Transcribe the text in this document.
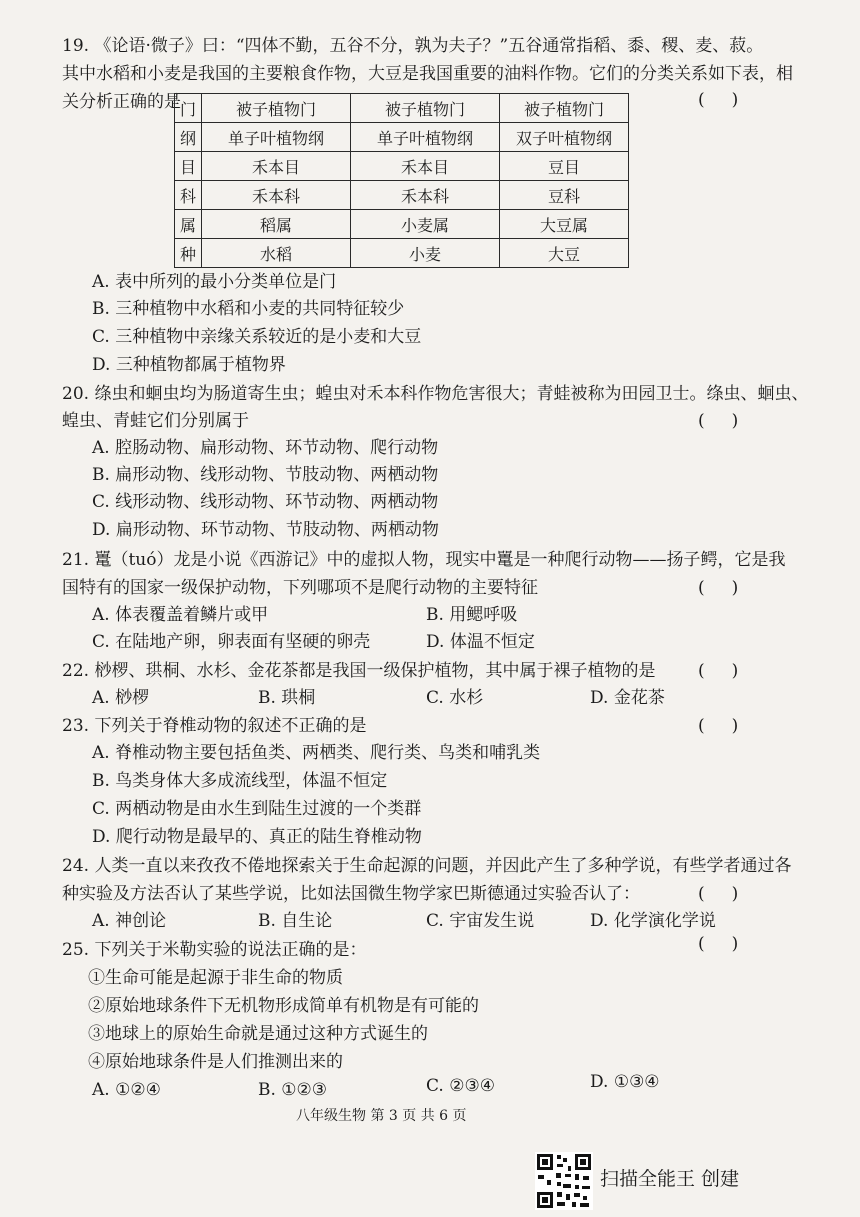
19. 《论语·微子》曰：“四体不勤，五谷不分，孰为夫子？”五谷通常指稻、黍、稷、麦、菽。
其中水稻和小麦是我国的主要粮食作物，大豆是我国重要的油料作物。它们的分类关系如下表，相
关分析正确的是	(     )
门	被子植物门	被子植物门	被子植物门
纲	单子叶植物纲	单子叶植物纲	双子叶植物纲
目	禾本目	禾本目	豆目
科	禾本科	禾本科	豆科
属	稻属	小麦属	大豆属
种	水稻	小麦	大豆
A. 表中所列的最小分类单位是门
B. 三种植物中水稻和小麦的共同特征较少
C. 三种植物中亲缘关系较近的是小麦和大豆
D. 三种植物都属于植物界
20. 绦虫和蛔虫均为肠道寄生虫；蝗虫对禾本科作物危害很大；青蛙被称为田园卫士。绦虫、蛔虫、
蝗虫、青蛙它们分别属于	(     )
A. 腔肠动物、扁形动物、环节动物、爬行动物
B. 扁形动物、线形动物、节肢动物、两栖动物
C. 线形动物、线形动物、环节动物、两栖动物
D. 扁形动物、环节动物、节肢动物、两栖动物
21. 鼍（tuó）龙是小说《西游记》中的虚拟人物，现实中鼍是一种爬行动物——扬子鳄，它是我
国特有的国家一级保护动物，下列哪项不是爬行动物的主要特征	(     )
A. 体表覆盖着鳞片或甲	B. 用鳃呼吸
C. 在陆地产卵，卵表面有坚硬的卵壳	D. 体温不恒定
22. 桫椤、珙桐、水杉、金花茶都是我国一级保护植物，其中属于裸子植物的是	(     )
A. 桫椤	B. 珙桐	C. 水杉	D. 金花茶
23. 下列关于脊椎动物的叙述不正确的是	(     )
A. 脊椎动物主要包括鱼类、两栖类、爬行类、鸟类和哺乳类
B. 鸟类身体大多成流线型，体温不恒定
C. 两栖动物是由水生到陆生过渡的一个类群
D. 爬行动物是最早的、真正的陆生脊椎动物
24. 人类一直以来孜孜不倦地探索关于生命起源的问题，并因此产生了多种学说，有些学者通过各
种实验及方法否认了某些学说，比如法国微生物学家巴斯德通过实验否认了：	(     )
A. 神创论	B. 自生论	C. 宇宙发生说	D. 化学演化学说
25. 下列关于米勒实验的说法正确的是：	(     )
①生命可能是起源于非生命的物质
②原始地球条件下无机物形成简单有机物是有可能的
③地球上的原始生命就是通过这种方式诞生的
④原始地球条件是人们推测出来的
A. ①②④	B. ①②③	C. ②③④	D. ①③④
八年级生物 第 3 页 共 6 页
扫描全能王 创建
